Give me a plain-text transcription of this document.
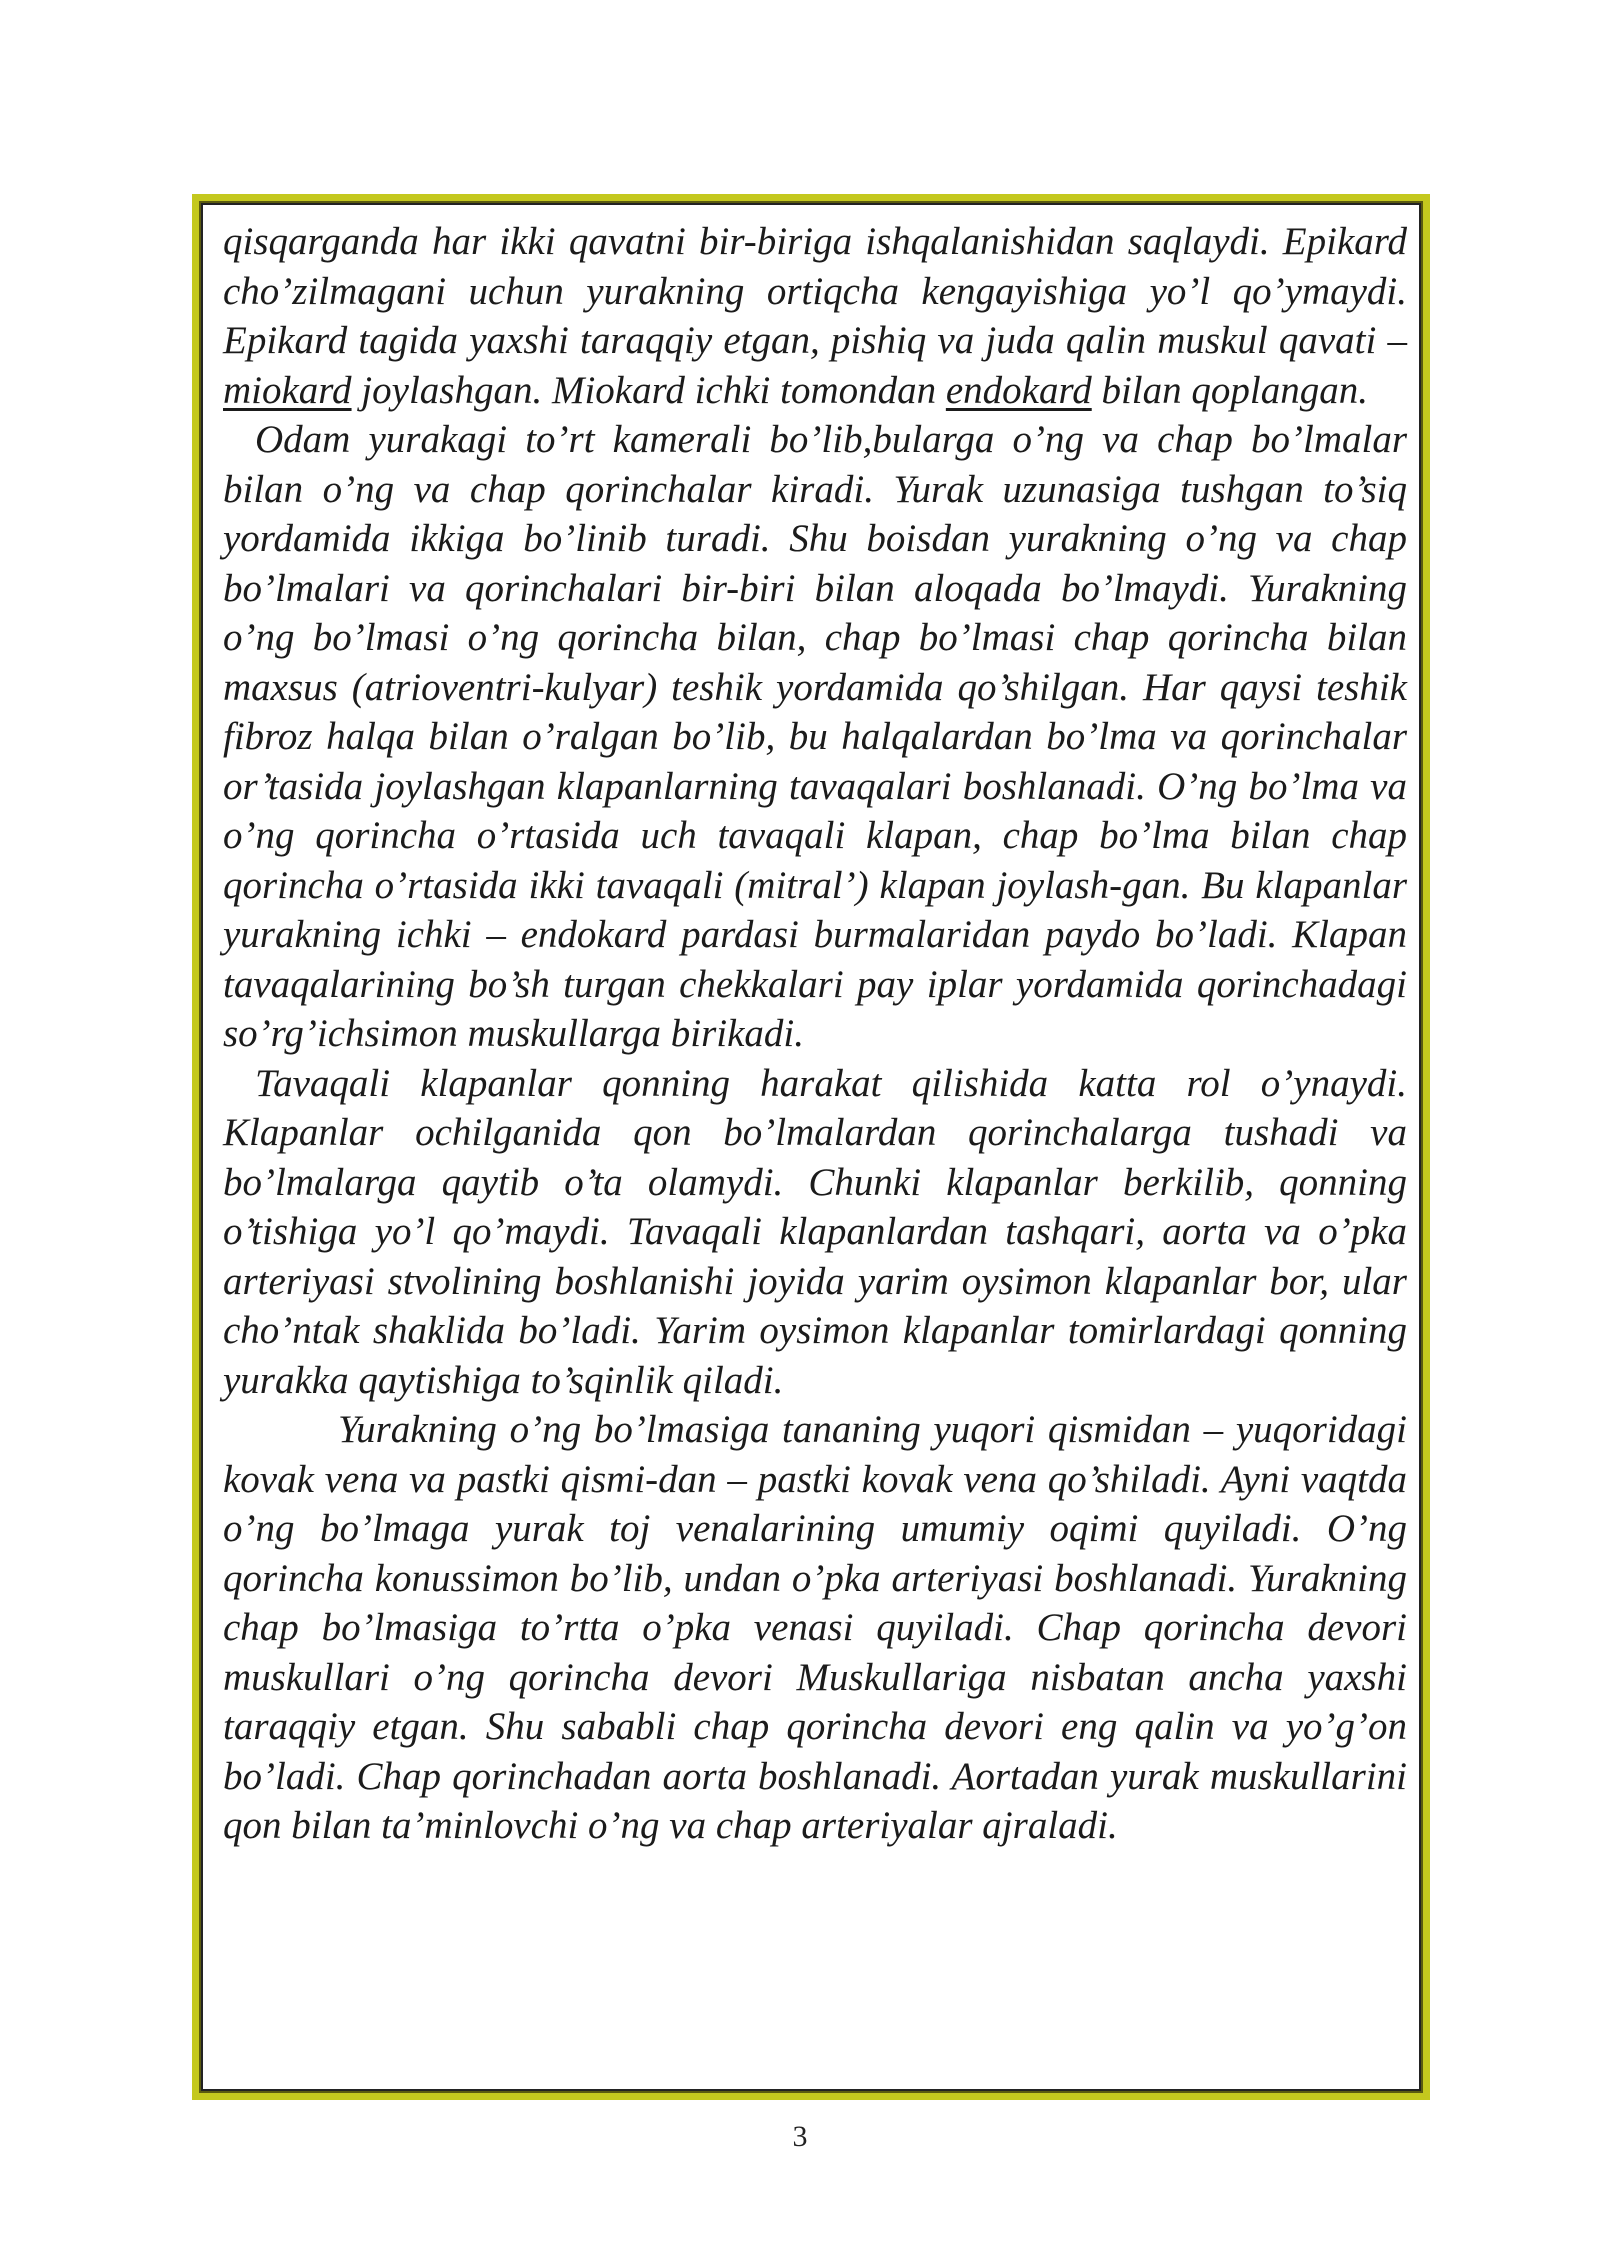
qisqarganda har ikki qavatni bir-biriga ishqalanishidan saqlaydi. Epikard cho’zilmagani uchun yurakning ortiqcha kengayishiga yo’l qo’ymaydi. Epikard tagida yaxshi taraqqiy etgan, pishiq va juda qalin muskul qavati – miokard joylashgan. Miokard ichki tomondan endokard bilan qoplangan.

Odam yurakagi to’rt kamerali bo’lib,bularga o’ng va chap bo’lmalar bilan o’ng va chap qorinchalar kiradi. Yurak uzunasiga tushgan to’siq yordamida ikkiga bo’linib turadi. Shu boisdan yurakning o’ng va chap bo’lmalari va qorinchalari bir-biri bilan aloqada bo’lmaydi. Yurakning o’ng bo’lmasi o’ng qorincha bilan, chap bo’lmasi chap qorincha bilan maxsus (atrioventri-kulyar) teshik yordamida qo’shilgan. Har qaysi teshik fibroz halqa bilan o’ralgan bo’lib, bu halqalardan bo’lma va qorinchalar or’tasida joylashgan klapanlarning tavaqalari boshlanadi. O’ng bo’lma va o’ng qorincha o’rtasida uch tavaqali klapan, chap bo’lma bilan chap qorincha o’rtasida ikki tavaqali (mitral’) klapan joylash-gan. Bu klapanlar yurakning ichki – endokard pardasi burmalaridan paydo bo’ladi. Klapan tavaqalarining bo’sh turgan chekkalari pay iplar yordamida qorinchadagi so’rg’ichsimon muskullarga birikadi.

Tavaqali klapanlar qonning harakat qilishida katta rol o’ynaydi. Klapanlar ochilganida qon bo’lmalardan qorinchalarga tushadi va bo’lmalarga qaytib o’ta olamydi. Chunki klapanlar berkilib, qonning o’tishiga yo’l qo’maydi. Tavaqali klapanlardan tashqari, aorta va o’pka arteriyasi stvolining boshlanishi joyida yarim oysimon klapanlar bor, ular cho’ntak shaklida bo’ladi. Yarim oysimon klapanlar tomirlardagi qonning yurakka qaytishiga to’sqinlik qiladi.

Yurakning o’ng bo’lmasiga tananing yuqori qismidan – yuqoridagi kovak vena va pastki qismi-dan – pastki kovak vena qo’shiladi. Ayni vaqtda o’ng bo’lmaga yurak toj venalarining umumiy oqimi quyiladi. O’ng qorincha konussimon bo’lib, undan o’pka arteriyasi boshlanadi. Yurakning chap bo’lmasiga to’rtta o’pka venasi quyiladi. Chap qorincha devori muskullari o’ng qorincha devori Muskullariga nisbatan ancha yaxshi taraqqiy etgan. Shu sababli chap qorincha devori eng qalin va yo’g’on bo’ladi. Chap qorinchadan aorta boshlanadi. Aortadan yurak muskullarini qon bilan ta’minlovchi o’ng va chap arteriyalar ajraladi.

3
